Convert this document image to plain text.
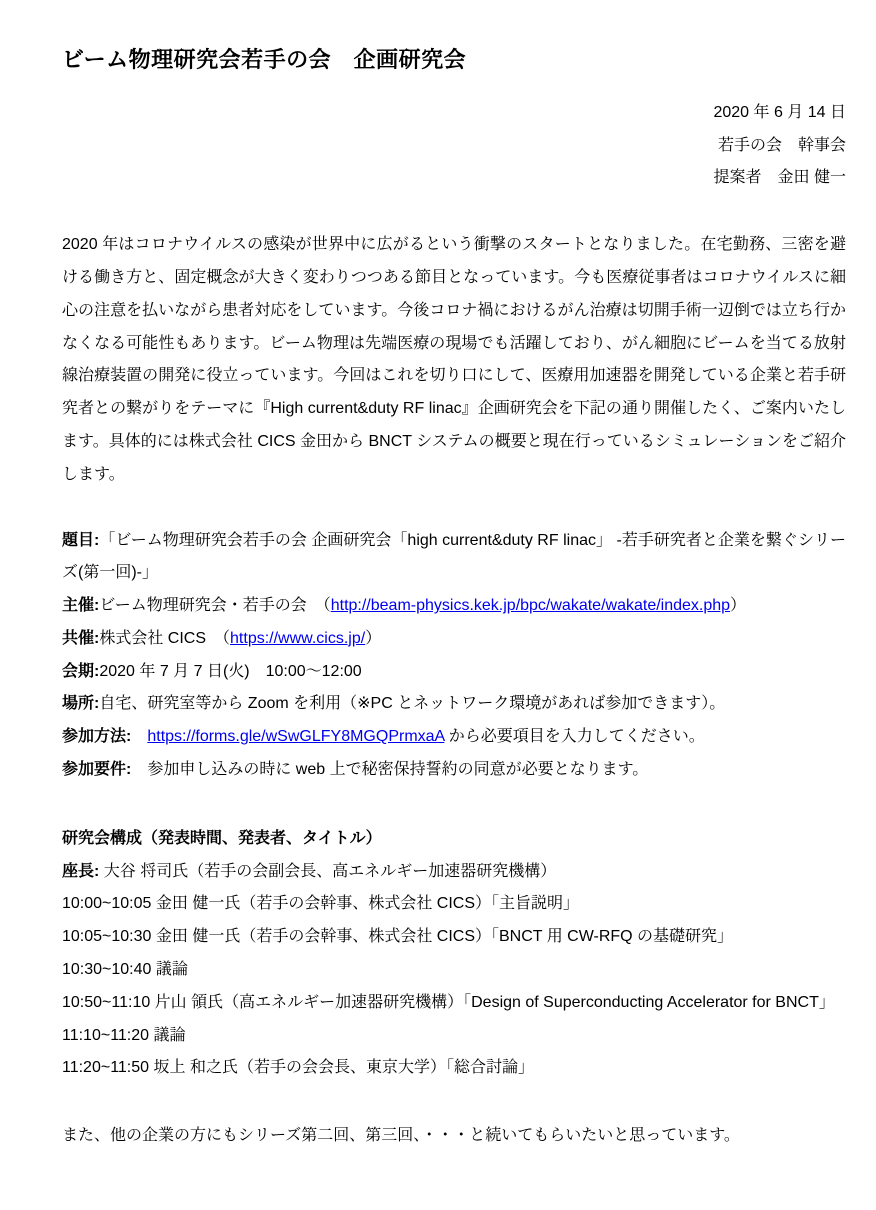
ビーム物理研究会若手の会　企画研究会

2020 年 6 月 14 日

若手の会　幹事会

提案者　金田 健一

2020 年はコロナウイルスの感染が世界中に広がるという衝撃のスタートとなりました。在宅勤務、三密を避ける働き方と、固定概念が大きく変わりつつある節目となっています。今も医療従事者はコロナウイルスに細心の注意を払いながら患者対応をしています。今後コロナ禍におけるがん治療は切開手術一辺倒では立ち行かなくなる可能性もあります。ビーム物理は先端医療の現場でも活躍しており、がん細胞にビームを当てる放射線治療装置の開発に役立っています。今回はこれを切り口にして、医療用加速器を開発している企業と若手研究者との繋がりをテーマに『High current&duty RF linac』企画研究会を下記の通り開催したく、ご案内いたします。具体的には株式会社 CICS 金田から BNCT システムの概要と現在行っているシミュレーションをご紹介します。

題目:「ビーム物理研究会若手の会 企画研究会「high current&duty RF linac」 -若手研究者と企業を繋ぐシリーズ(第一回)-」

主催:ビーム物理研究会・若手の会　（http://beam-physics.kek.jp/bpc/wakate/wakate/index.php）

共催:株式会社 CICS　（https://www.cics.jp/）

会期:2020 年 7 月 7 日(火)　10:00～12:00

場所:自宅、研究室等から Zoom を利用（※PC とネットワーク環境があれば参加できます）。

参加方法:　 https://forms.gle/wSwGLFY8MGQPrmxaA から必要項目を入力してください。

参加要件:　参加申し込みの時に web 上で秘密保持誓約の同意が必要となります。

研究会構成（発表時間、発表者、タイトル）

座長: 大谷 将司氏（若手の会副会長、高エネルギー加速器研究機構）

10:00~10:05 金田 健一氏（若手の会幹事、株式会社 CICS）「主旨説明」

10:05~10:30 金田 健一氏（若手の会幹事、株式会社 CICS）「BNCT 用 CW-RFQ の基礎研究」

10:30~10:40 議論

10:50~11:10 片山 領氏（高エネルギー加速器研究機構）「Design of Superconducting Accelerator for BNCT」

11:10~11:20 議論

11:20~11:50 坂上 和之氏（若手の会会長、東京大学）「総合討論」

また、他の企業の方にもシリーズ第二回、第三回、・・・と続いてもらいたいと思っています。
